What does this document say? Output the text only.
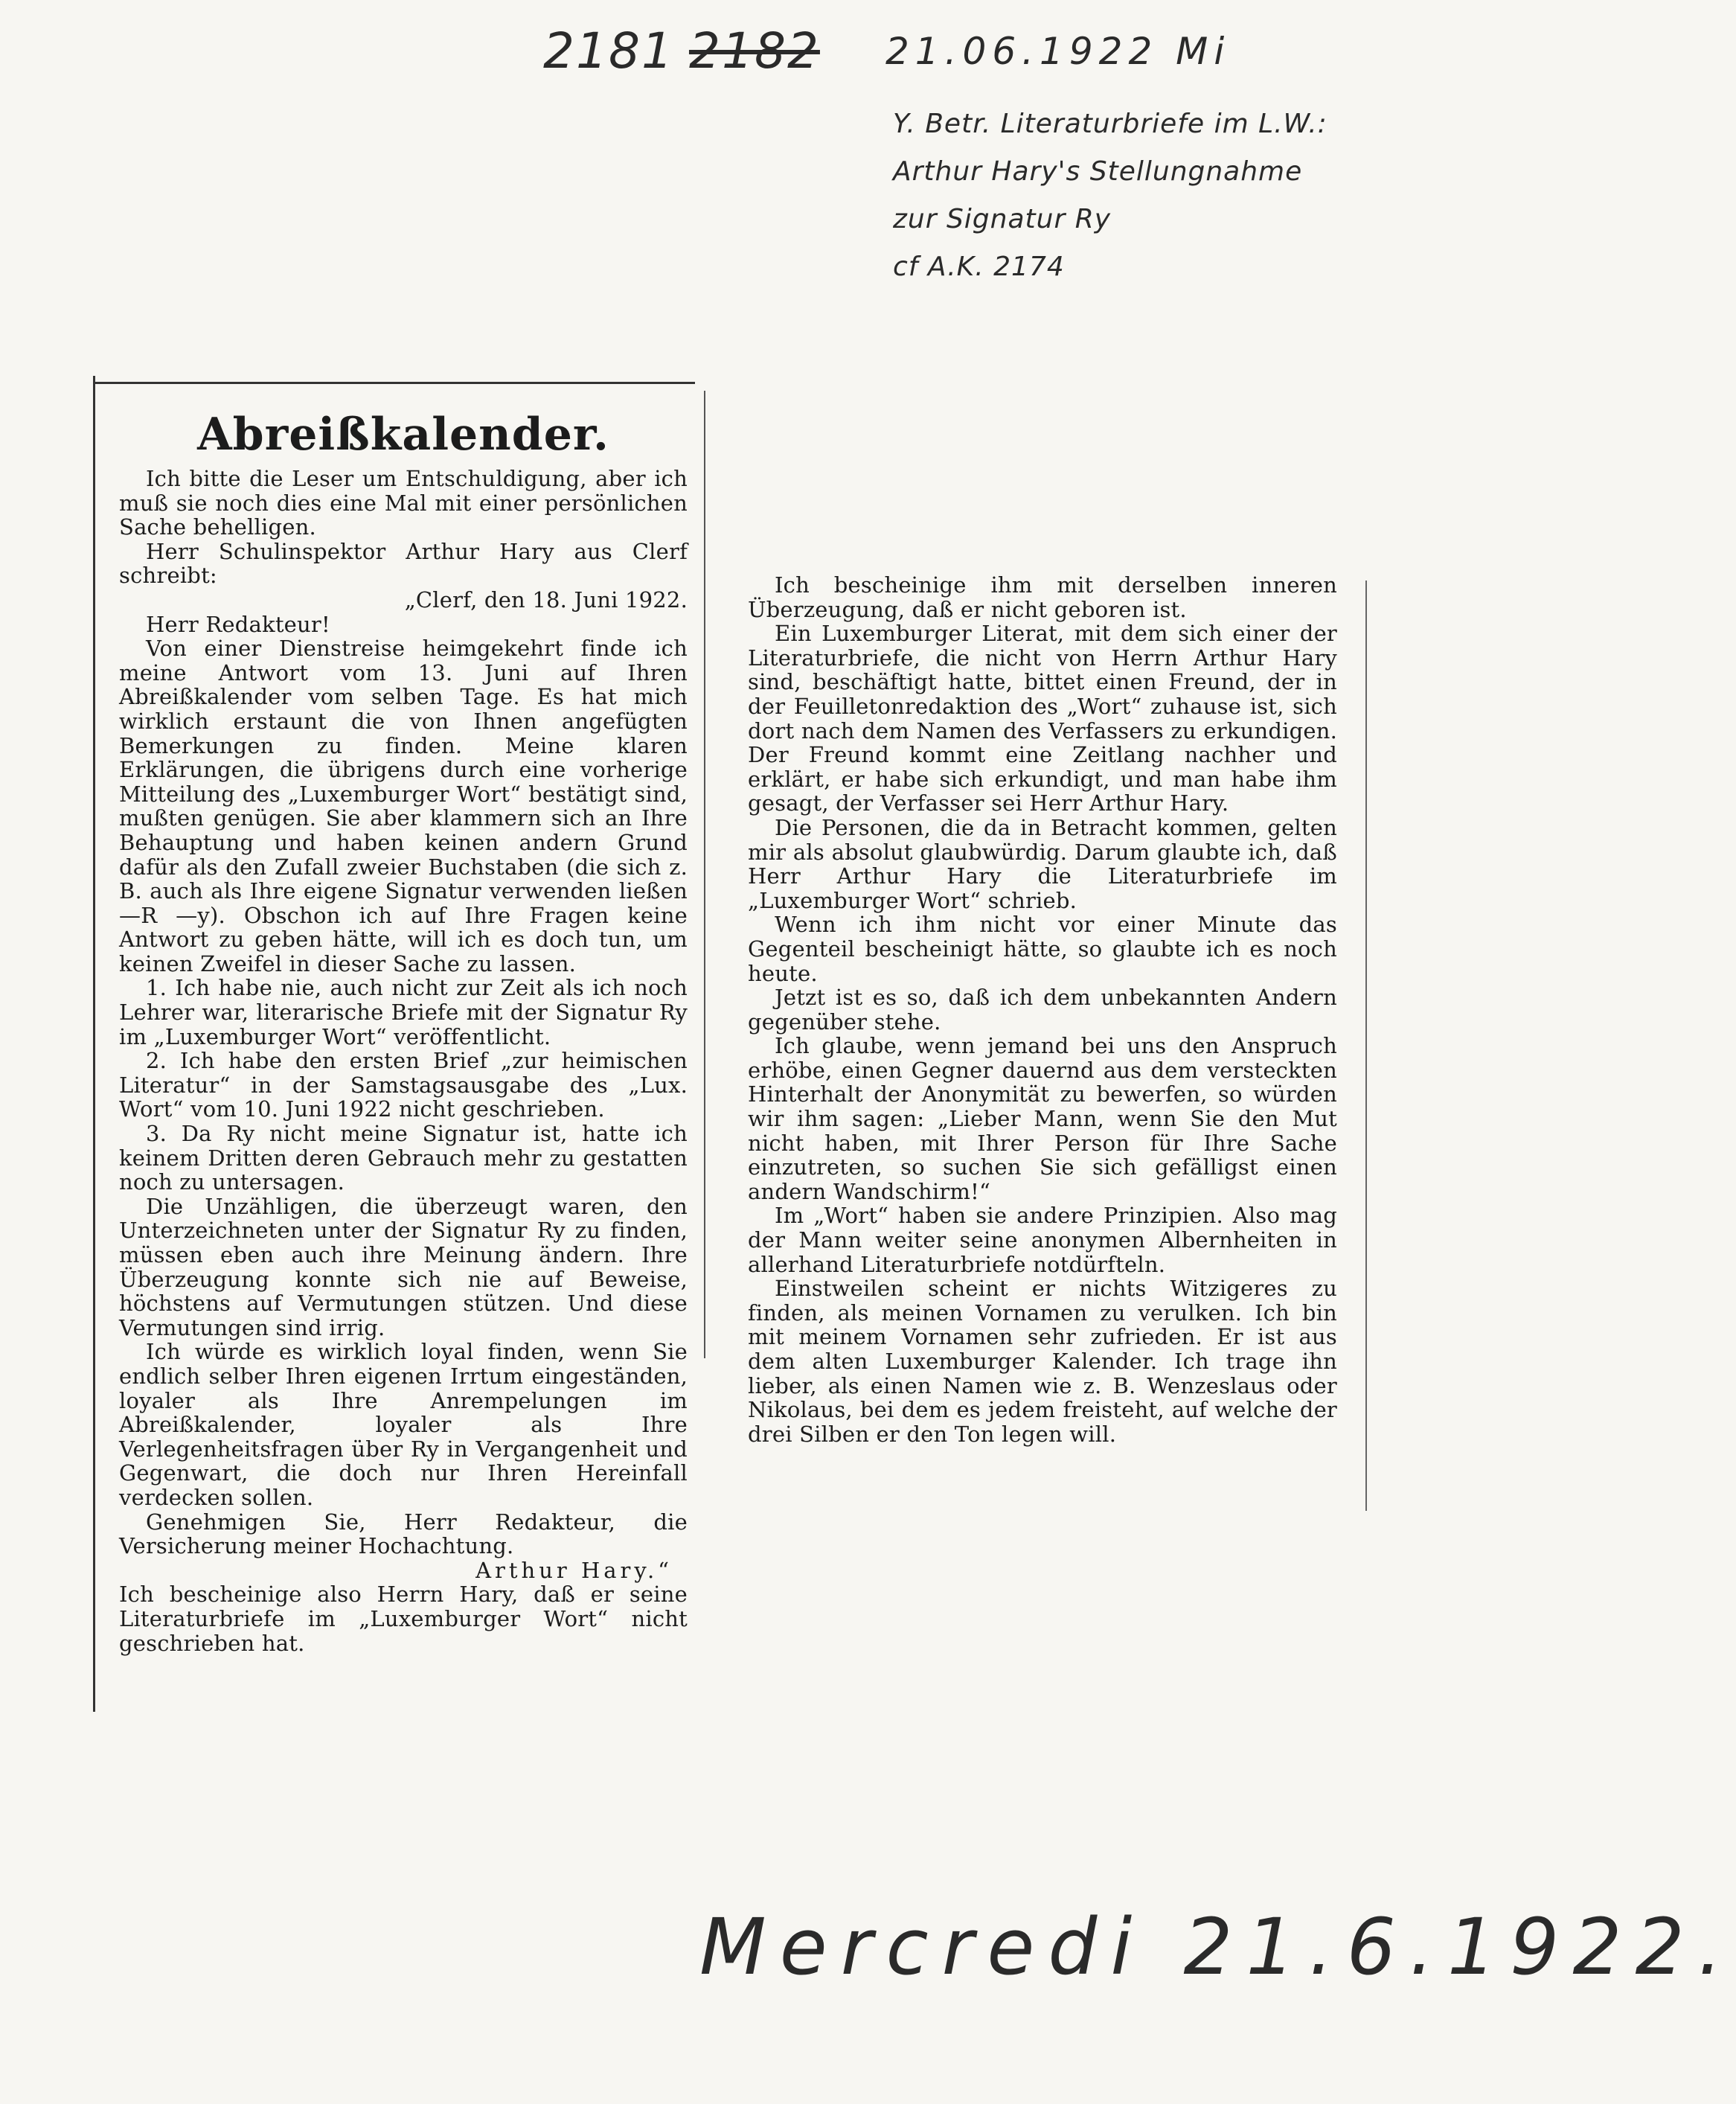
2181 2182 21.06.1922 Mi
Y. Betr. Literaturbriefe im L.W.:
Arthur Hary's Stellungnahme
zur Signatur Ry
cf A.K. 2174
Abreißkalender.

Ich bitte die Leser um Entschuldigung, aber ich muß sie noch dies eine Mal mit einer persönlichen Sache behelligen.

Herr Schulinspektor Arthur Hary aus Clerf schreibt:

„Clerf, den 18. Juni 1922.

Herr Redakteur!

Von einer Dienstreise heimgekehrt finde ich meine Antwort vom 13. Juni auf Ihren Abreißkalender vom selben Tage. Es hat mich wirklich erstaunt die von Ihnen angefügten Bemerkungen zu finden. Meine klaren Erklärungen, die übrigens durch eine vorherige Mitteilung des „Luxemburger Wort“ bestätigt sind, mußten genügen. Sie aber klammern sich an Ihre Behauptung und haben keinen andern Grund dafür als den Zufall zweier Buchstaben (die sich z. B. auch als Ihre eigene Signatur verwenden ließen —R —y). Obschon ich auf Ihre Fragen keine Antwort zu geben hätte, will ich es doch tun, um keinen Zweifel in dieser Sache zu lassen.

1. Ich habe nie, auch nicht zur Zeit als ich noch Lehrer war, literarische Briefe mit der Signatur Ry im „Luxemburger Wort“ veröffentlicht.

2. Ich habe den ersten Brief „zur heimischen Literatur“ in der Samstagsausgabe des „Lux. Wort“ vom 10. Juni 1922 nicht geschrieben.

3. Da Ry nicht meine Signatur ist, hatte ich keinem Dritten deren Gebrauch mehr zu gestatten noch zu untersagen.

Die Unzähligen, die überzeugt waren, den Unterzeichneten unter der Signatur Ry zu finden, müssen eben auch ihre Meinung ändern. Ihre Überzeugung konnte sich nie auf Beweise, höchstens auf Vermutungen stützen. Und diese Vermutungen sind irrig.

Ich würde es wirklich loyal finden, wenn Sie endlich selber Ihren eigenen Irrtum eingeständen, loyaler als Ihre Anrempelungen im Abreißkalender, loyaler als Ihre Verlegenheitsfragen über Ry in Vergangenheit und Gegenwart, die doch nur Ihren Hereinfall verdecken sollen.

Genehmigen Sie, Herr Redakteur, die Versicherung meiner Hochachtung.

Arthur Hary.“

Ich bescheinige also Herrn Hary, daß er seine Literaturbriefe im „Luxemburger Wort“ nicht geschrieben hat.

Ich bescheinige ihm mit derselben inneren Überzeugung, daß er nicht geboren ist.

Ein Luxemburger Literat, mit dem sich einer der Literaturbriefe, die nicht von Herrn Arthur Hary sind, beschäftigt hatte, bittet einen Freund, der in der Feuilletonredaktion des „Wort“ zuhause ist, sich dort nach dem Namen des Verfassers zu erkundigen. Der Freund kommt eine Zeitlang nachher und erklärt, er habe sich erkundigt, und man habe ihm gesagt, der Verfasser sei Herr Arthur Hary.

Die Personen, die da in Betracht kommen, gelten mir als absolut glaubwürdig. Darum glaubte ich, daß Herr Arthur Hary die Literaturbriefe im „Luxemburger Wort“ schrieb.

Wenn ich ihm nicht vor einer Minute das Gegenteil bescheinigt hätte, so glaubte ich es noch heute.

Jetzt ist es so, daß ich dem unbekannten Andern gegenüber stehe.

Ich glaube, wenn jemand bei uns den Anspruch erhöbe, einen Gegner dauernd aus dem versteckten Hinterhalt der Anonymität zu bewerfen, so würden wir ihm sagen: „Lieber Mann, wenn Sie den Mut nicht haben, mit Ihrer Person für Ihre Sache einzutreten, so suchen Sie sich gefälligst einen andern Wandschirm!“

Im „Wort“ haben sie andere Prinzipien. Also mag der Mann weiter seine anonymen Albernheiten in allerhand Literaturbriefe notdürfteln.

Einstweilen scheint er nichts Witzigeres zu finden, als meinen Vornamen zu verulken. Ich bin mit meinem Vornamen sehr zufrieden. Er ist aus dem alten Luxemburger Kalender. Ich trage ihn lieber, als einen Namen wie z. B. Wenzeslaus oder Nikolaus, bei dem es jedem freisteht, auf welche der drei Silben er den Ton legen will.

Mercredi 21.6.1922.
